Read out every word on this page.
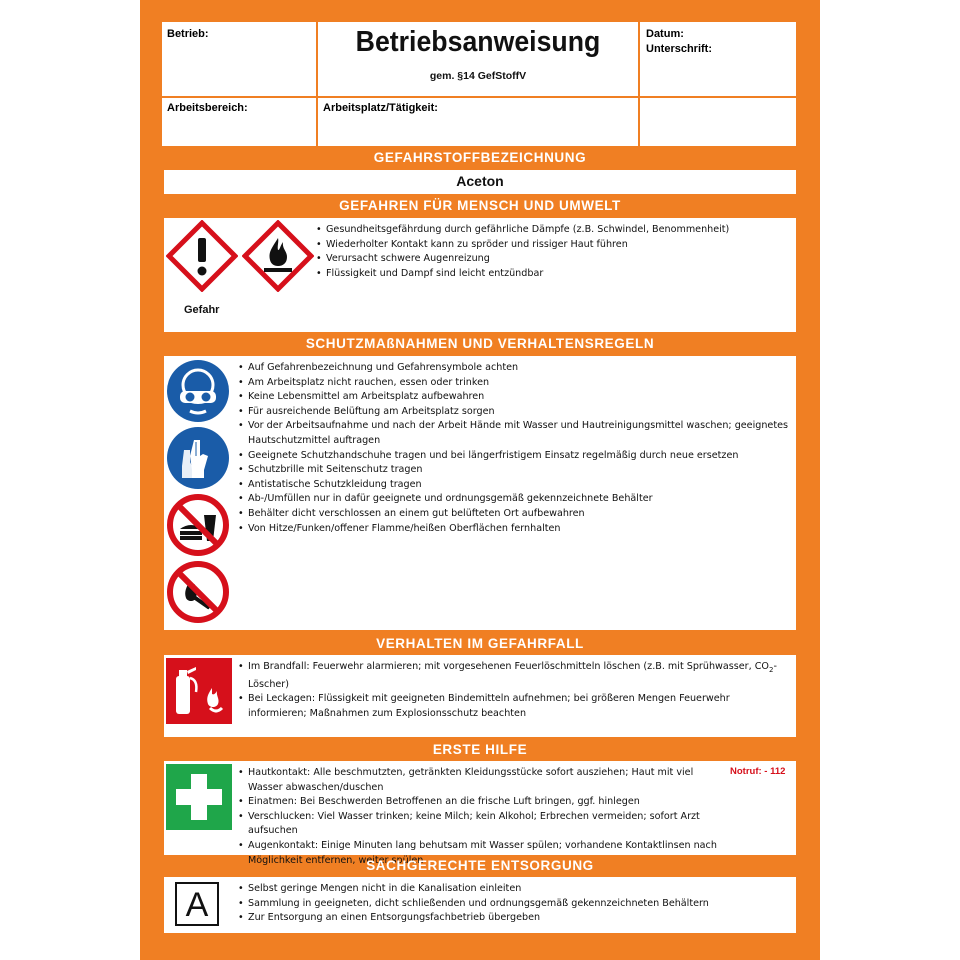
Betrieb:	Betriebsanweisung
gem. §14 GefStoffV
Datum:
Unterschrift:
Arbeitsbereich:	Arbeitsplatz/Tätigkeit:
GEFAHRSTOFFBEZEICHNUNG
Aceton
GEFAHREN FÜR MENSCH UND UMWELT
Gefahr
• Gesundheitsgefährdung durch gefährliche Dämpfe (z.B. Schwindel, Benommenheit)
• Wiederholter Kontakt kann zu spröder und rissiger Haut führen
• Verursacht schwere Augenreizung
• Flüssigkeit und Dampf sind leicht entzündbar
SCHUTZMAßNAHMEN UND VERHALTENSREGELN
• Auf Gefahrenbezeichnung und Gefahrensymbole achten
• Am Arbeitsplatz nicht rauchen, essen oder trinken
• Keine Lebensmittel am Arbeitsplatz aufbewahren
• Für ausreichende Belüftung am Arbeitsplatz sorgen
• Vor der Arbeitsaufnahme und nach der Arbeit Hände mit Wasser und Hautreinigungsmittel waschen; geeignetes Hautschutzmittel auftragen
• Geeignete Schutzhandschuhe tragen und bei längerfristigem Einsatz regelmäßig durch neue ersetzen
• Schutzbrille mit Seitenschutz tragen
• Antistatische Schutzkleidung tragen
• Ab-/Umfüllen nur in dafür geeignete und ordnungsgemäß gekennzeichnete Behälter
• Behälter dicht verschlossen an einem gut belüfteten Ort aufbewahren
• Von Hitze/Funken/offener Flamme/heißen Oberflächen fernhalten
VERHALTEN IM GEFAHRFALL
• Im Brandfall: Feuerwehr alarmieren; mit vorgesehenen Feuerlöschmitteln löschen (z.B. mit Sprühwasser, $CO_2-Löscher$)
• Bei Leckagen: Flüssigkeit mit geeigneten Bindemitteln aufnehmen; bei größeren Mengen Feuerwehr informieren; Maßnahmen zum Explosionsschutz beachten
ERSTE HILFE
Notruf: - 112
• Hautkontakt: Alle beschmutzten, getränkten Kleidungsstücke sofort ausziehen; Haut mit viel Wasser abwaschen/duschen
• Einatmen: Bei Beschwerden Betroffenen an die frische Luft bringen, ggf. hinlegen
• Verschlucken: Viel Wasser trinken; keine Milch; kein Alkohol; Erbrechen vermeiden; sofort Arzt aufsuchen
• Augenkontakt: Einige Minuten lang behutsam mit Wasser spülen; vorhandene Kontaktlinsen nach Möglichkeit entfernen, weiter spülen
SACHGERECHTE ENTSORGUNG
A
•	Selbst geringe Mengen nicht in die Kanalisation einleiten
• Sammlung in geeigneten, dicht schließenden und ordnungsgemäß gekennzeichneten Behältern
• Zur Entsorgung an einen Entsorgungsfachbetrieb übergeben
